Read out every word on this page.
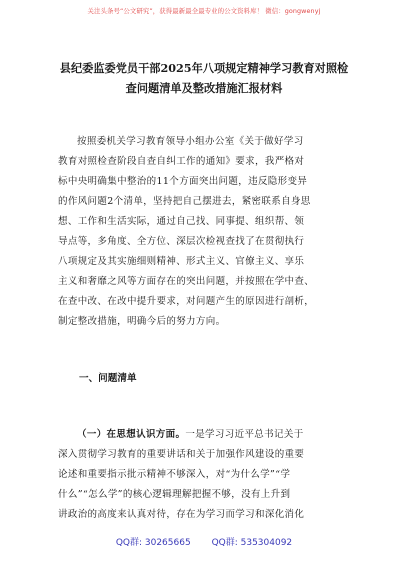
关注头条号“公文研究”，获得最新最全最专业的公文资料库！ 微信：gongwenyj
县纪委监委党员干部2025年八项规定精神学习教育对照检
查问题清单及整改措施汇报材料
按照委机关学习教育领导小组办公室《关于做好学习
教育对照检查阶段自查自纠工作的通知》要求，我严格对
标中央明确集中整治的11个方面突出问题，违反隐形变异
的作风问题2个清单，坚持把自己摆进去，紧密联系自身思
想、工作和生活实际，通过自己找、同事提、组织帮、领
导点等，多角度、全方位、深层次检视查找了在贯彻执行
八项规定及其实施细则精神、形式主义、官僚主义、享乐
主义和奢靡之风等方面存在的突出问题，并按照在学中查、
在查中改、在改中提升要求，对问题产生的原因进行剖析，
制定整改措施，明确今后的努力方向。
一、问题清单
（一）在思想认识方面。一是学习习近平总书记关于
深入贯彻学习教育的重要讲话和关于加强作风建设的重要
论述和重要指示批示精神不够深入，对“为什么学”“学
什么”“怎么学”的核心逻辑理解把握不够，没有上升到
讲政治的高度来认真对待，存在为学习而学习和深化消化
QQ群: 30265665 QQ群: 535304092
